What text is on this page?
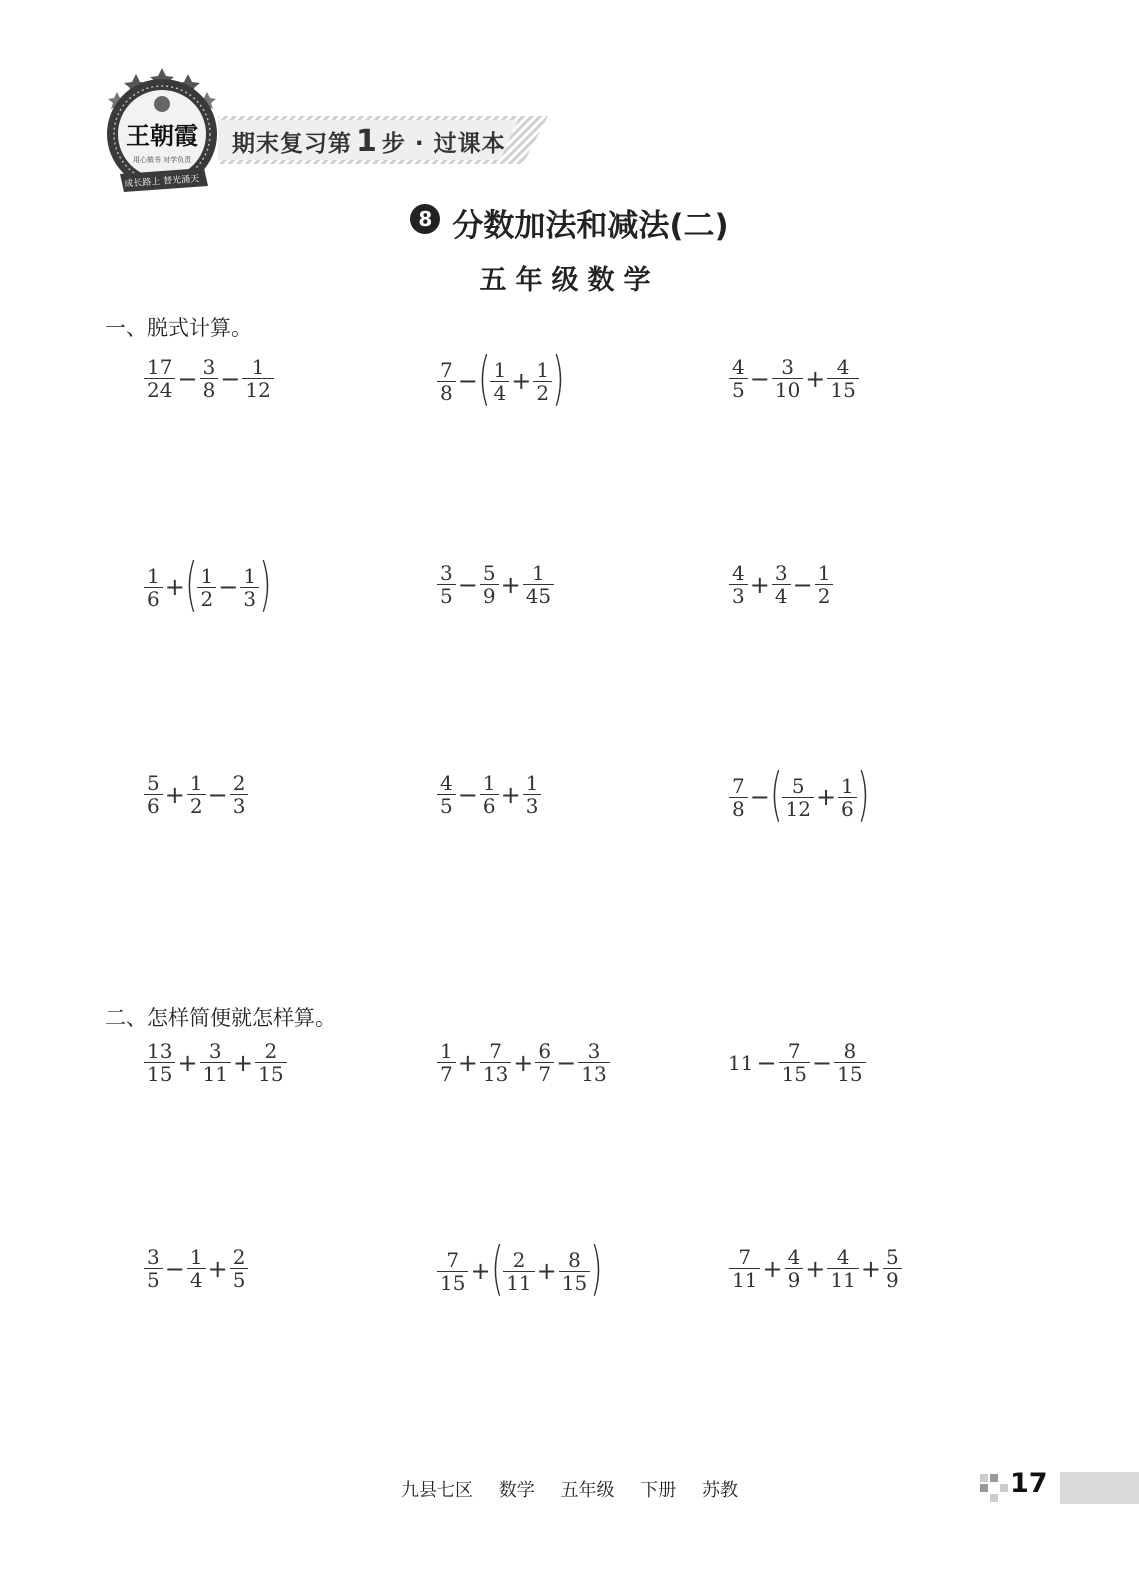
王朝霞
用心做书 对学负责
成长路上 替光涌天
期末复习第 1 步 · 过课本
8 分数加法和减法(二)
五年级数学
一、脱式计算。
$\frac{17}{24} - \frac{3}{8} - \frac{1}{12}$	$\frac{7}{8}$ − ( $\frac{1}{4} + \frac{1}{2}$ )	$\frac{4}{5} - \frac{3}{10} + \frac{4}{15}$
$\frac{1}{6}$ + ( $\frac{1}{2} - \frac{1}{3}$ )	$\frac{3}{5} - \frac{5}{9} + \frac{1}{45}$	$\frac{4}{3} + \frac{3}{4} - \frac{1}{2}$
$\frac{5}{6} + \frac{1}{2} - \frac{2}{3}$	$\frac{4}{5} - \frac{1}{6} + \frac{1}{3}$	$\frac{7}{8}$ − ( $\frac{5}{12} + \frac{1}{6}$ )
二、怎样简便就怎样算。
$\frac{13}{15} + \frac{3}{11} + \frac{2}{15}$	$\frac{1}{7} + \frac{7}{13} + \frac{6}{7} - \frac{3}{13}$	$11 - \frac{7}{15} - \frac{8}{15}$
$\frac{3}{5} - \frac{1}{4} + \frac{2}{5}$	$\frac{7}{15}$ + ( $\frac{2}{11} + \frac{8}{15}$ )	$\frac{7}{11} + \frac{4}{9} + \frac{4}{11} + \frac{5}{9}$
九县七区 数学 五年级 下册 苏教	17
